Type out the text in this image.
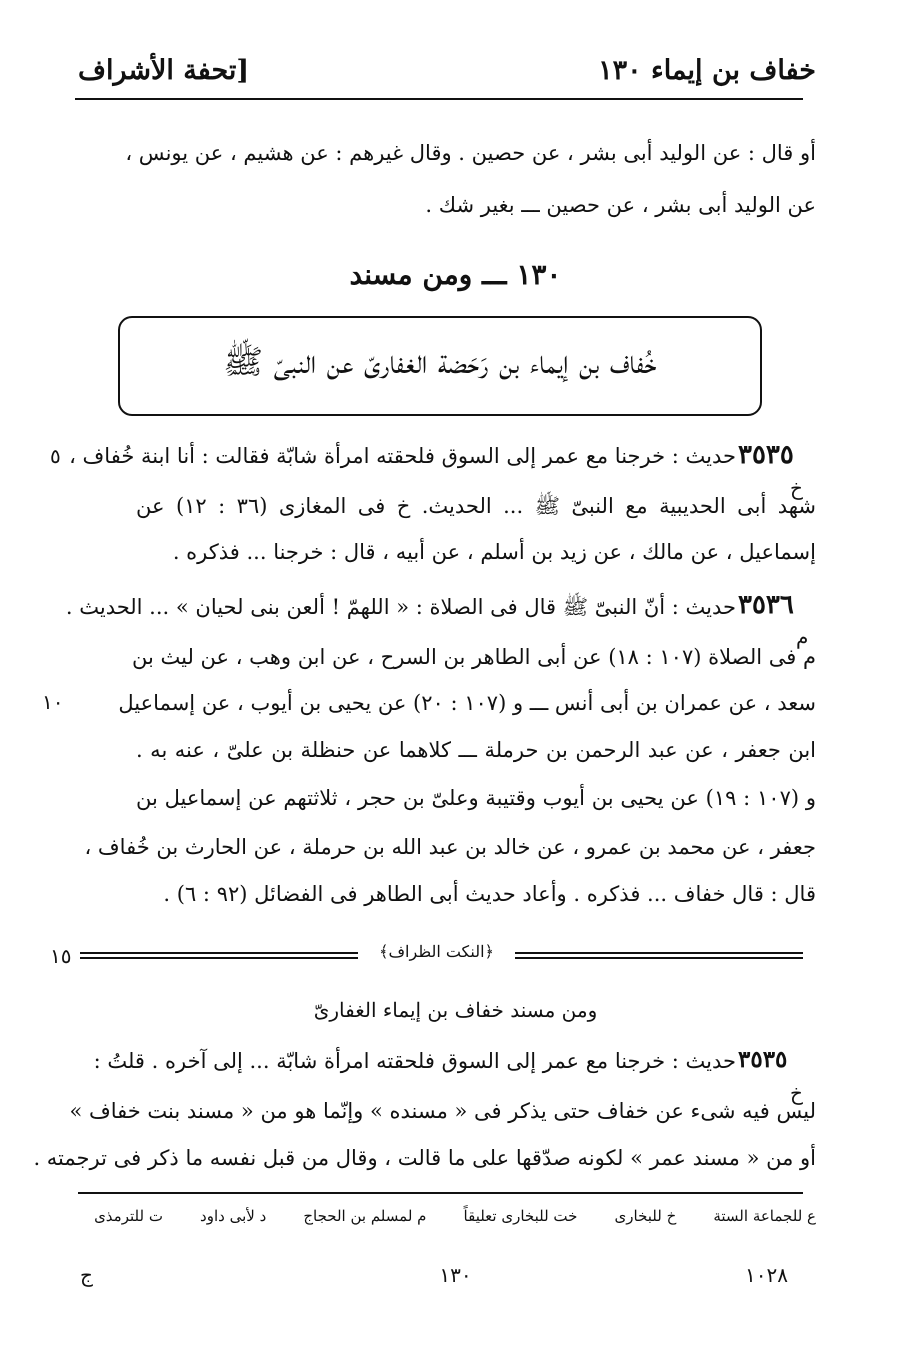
خفاف بن إيماء ١٣٠
[تحفة الأشراف
أو قال : عن الوليد أبى بشر ، عن حصين . وقال غيرهم : عن هشيم ، عن يونس ،
عن الوليد أبى بشر ، عن حصين ـــ بغير شك .
١٣٠ ـــ ومن مسند
خُفاف بن إيماء بن رَحَضة الغفارىّ عن النبىّ ﷺ
٥
١٠
١٥
٣٥٣٥
خ
حديث : خرجنا مع عمر إلى السوق فلحقته امرأة شابّة فقالت : أنا ابنة خُفاف ،
شهد أبى الحديبية مع النبىّ ﷺ ... الحديث. خ فى المغازى (٣٦ : ١٢) عن
إسماعيل ، عن مالك ، عن زيد بن أسلم ، عن أبيه ، قال : خرجنا ... فذكره .
٣٥٣٦
م
حديث : أنّ النبىّ ﷺ قال فى الصلاة : « اللهمّ ! ألعن بنى لحيان » ... الحديث .
م فى الصلاة (١٠٧ : ١٨) عن أبى الطاهر بن السرح ، عن ابن وهب ، عن ليث بن
سعد ، عن عمران بن أبى أنس ـــ و (١٠٧ : ٢٠) عن يحيى بن أيوب ، عن إسماعيل
ابن جعفر ، عن عبد الرحمن بن حرملة ـــ كلاهما عن حنظلة بن علىّ ، عنه به .
و (١٠٧ : ١٩) عن يحيى بن أيوب وقتيبة وعلىّ بن حجر ، ثلاثتهم عن إسماعيل بن
جعفر ، عن محمد بن عمرو ، عن خالد بن عبد الله بن حرملة ، عن الحارث بن خُفاف ،
قال : قال خفاف ... فذكره . وأعاد حديث أبى الطاهر فى الفضائل (٩٢ : ٦) .
﴿النكت الظراف﴾
ومن مسند خفاف بن إيماء الغفارىّ
٣٥٣٥
خ
حديث : خرجنا مع عمر إلى السوق فلحقته امرأة شابّة ... إلى آخره . قلتُ :
ليس فيه شىء عن خفاف حتى يذكر فى « مسنده » وإنّما هو من « مسند بنت خفاف »
أو من « مسند عمر » لكونه صدّقها على ما قالت ، وقال من قبل نفسه ما ذكر فى ترجمته .
ع للجماعة الستة
خ للبخارى
خت للبخارى تعليقاً
م لمسلم بن الحجاج
د لأبى داود
ت للترمذى
١٠٢٨
١٣٠
ج
